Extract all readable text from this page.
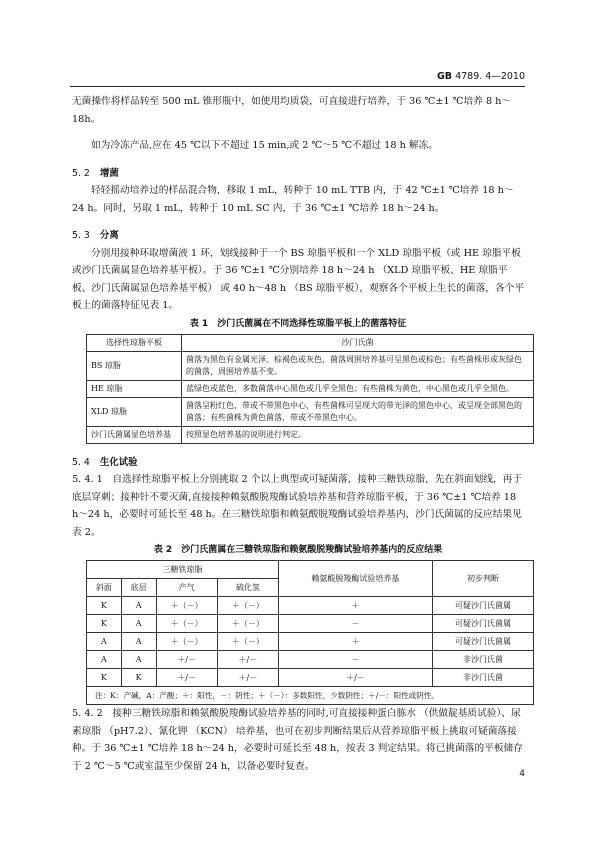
GB 4789. 4—2010

无菌操作将样品转至 500 mL 锥形瓶中，如使用均质袋，可直接进行培养，于 36 ℃±1 ℃培养 8 h～18h。

如为冷冻产品,应在 45 ℃以下不超过 15 min,或 2 ℃～5 ℃不超过 18 h 解冻。

5. 2 增菌

轻轻摇动培养过的样品混合物，移取 1 mL，转种于 10 mL TTB 内，于 42 ℃±1 ℃培养 18 h～24 h。同时，另取 1 mL，转种于 10 mL SC 内，于 36 ℃±1 ℃培养 18 h～24 h。

5. 3 分离

分别用接种环取增菌液 1 环，划线接种于一个 BS 琼脂平板和一个 XLD 琼脂平板（或 HE 琼脂平板或沙门氏菌属显色培养基平板）。于 36 ℃±1 ℃分别培养 18 h～24 h （XLD 琼脂平板、HE 琼脂平板、沙门氏菌属显色培养基平板） 或 40 h～48 h （BS 琼脂平板），观察各个平板上生长的菌落，各个平板上的菌落特征见表 1。

表 1　沙门氏菌属在不同选择性琼脂平板上的菌落特征
选择性琼脂平板	沙门氏菌
BS 琼脂	菌落为黑色有金属光泽、棕褐色或灰色，菌落周围培养基可呈黑色或棕色；有些菌株形成灰绿色的菌落，周围培养基不变。
HE 琼脂	蓝绿色或蓝色，多数菌落中心黑色或几乎全黑色；有些菌株为黄色，中心黑色或几乎全黑色。
XLD 琼脂	菌落呈粉红色，带或不带黑色中心，有些菌株可呈现大的带光泽的黑色中心，或呈现全部黑色的菌落；有些菌株为黄色菌落，带或不带黑色中心。
沙门氏菌属显色培养基	按照显色培养基的说明进行判定。
5. 4 生化试验

5. 4. 1　自选择性琼脂平板上分别挑取 2 个以上典型或可疑菌落，接种三糖铁琼脂，先在斜面划线，再于底层穿刺；接种针不要灭菌,直接接种赖氨酸脱羧酶试验培养基和营养琼脂平板，于 36 ℃±1 ℃培养 18 h～24 h，必要时可延长至 48 h。在三糖铁琼脂和赖氨酸脱羧酶试验培养基内，沙门氏菌属的反应结果见表 2。

表 2　沙门氏菌属在三糖铁琼脂和赖氨酸脱羧酶试验培养基内的反应结果
三糖铁琼脂				赖氨酸脱羧酶试验培养基	初步判断
斜面	底层	产气	硫化氢		
K	A	＋（－）	＋（－）	＋	可疑沙门氏菌属
K	A	＋（－）	＋（－）	－	可疑沙门氏菌属
A	A	＋（－）	＋（－）	＋	可疑沙门氏菌属
A	A	＋/－	＋/－	－	非沙门氏菌
K	K	＋/－	＋/－	＋/－	非沙门氏菌
注：K：产碱，A：产酸；＋：阳性，－：阴性；＋（－）：多数阳性，少数阴性；＋/－：阳性或阴性。					

5. 4. 2　接种三糖铁琼脂和赖氨酸脱羧酶试验培养基的同时,可直接接种蛋白胨水 （供做靛基质试验）、尿素琼脂 （pH7.2）、氰化钾 （KCN） 培养基，也可在初步判断结果后从营养琼脂平板上挑取可疑菌落接种。于 36 ℃±1 ℃培养 18 h～24 h，必要时可延长至 48 h，按表 3 判定结果。将已挑菌落的平板储存于 2 ℃～5 ℃或室温至少保留 24 h，以备必要时复查。

4
